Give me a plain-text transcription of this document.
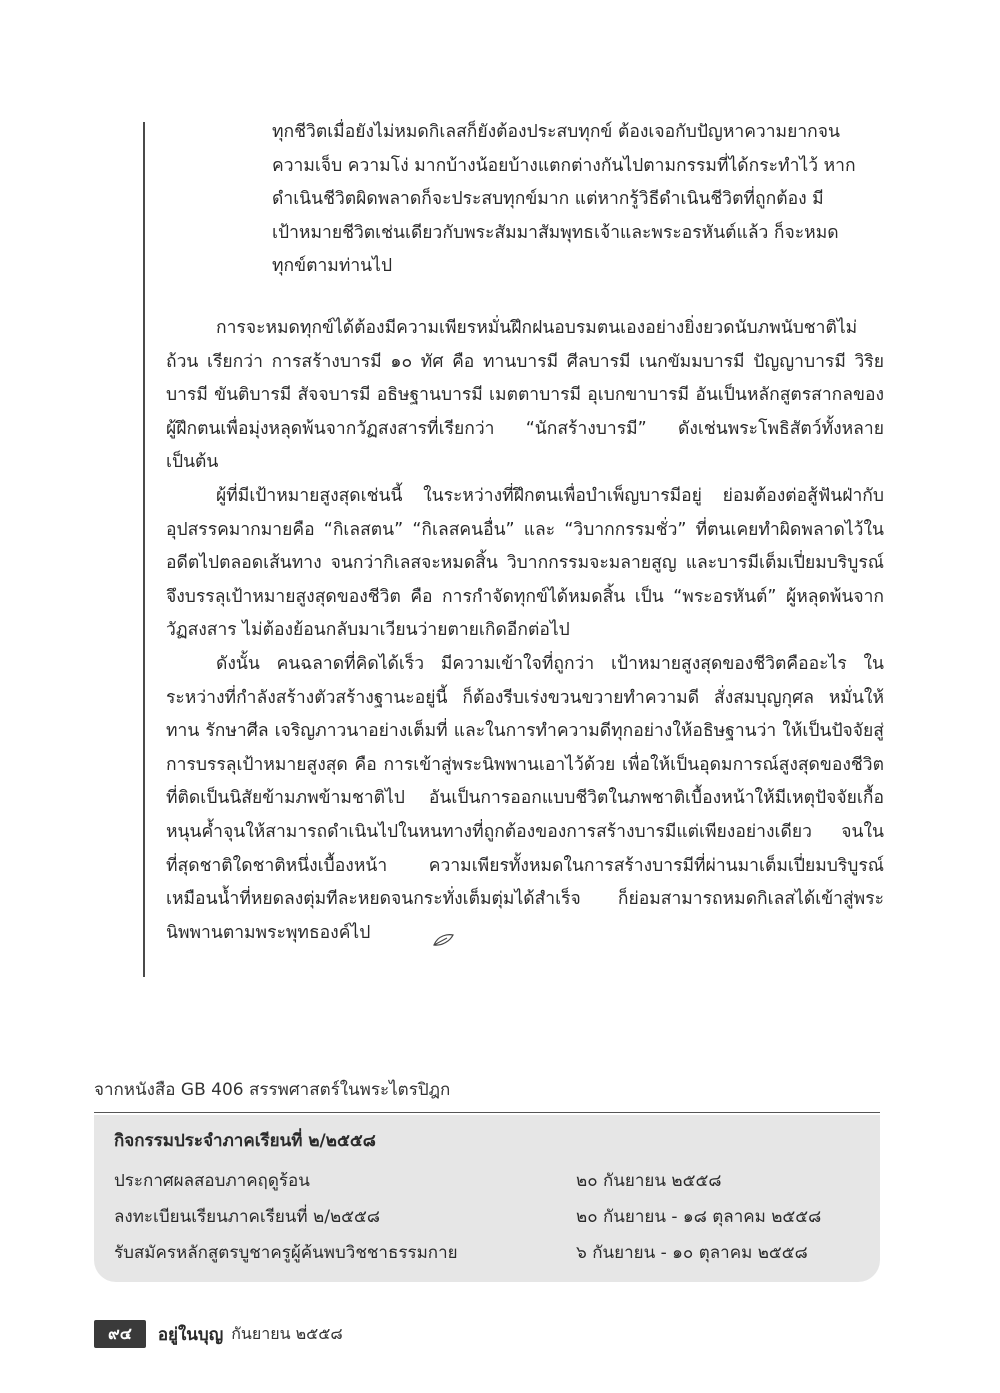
ทุกชีวิตเมื่อยังไม่หมดกิเลสก็ยังต้องประสบทุกข์ ต้องเจอกับปัญหาความยากจน

ความเจ็บ ความโง่ มากบ้างน้อยบ้างแตกต่างกันไปตามกรรมที่ได้กระทำไว้ หาก

ดำเนินชีวิตผิดพลาดก็จะประสบทุกข์มาก แต่หากรู้วิธีดำเนินชีวิตที่ถูกต้อง มี

เป้าหมายชีวิตเช่นเดียวกับพระสัมมาสัมพุทธเจ้าและพระอรหันต์แล้ว ก็จะหมด

ทุกข์ตามท่านไป

การจะหมดทุกข์ได้ต้องมีความเพียรหมั่นฝึกฝนอบรมตนเองอย่างยิ่งยวดนับภพนับชาติไม่ถ้วน เรียกว่า การสร้างบารมี ๑๐ ทัศ คือ ทานบารมี ศีลบารมี เนกขัมมบารมี ปัญญาบารมี วิริยบารมี ขันติบารมี สัจจบารมี อธิษฐานบารมี เมตตาบารมี อุเบกขาบารมี อันเป็นหลักสูตรสากลของผู้ฝึกตนเพื่อมุ่งหลุดพ้นจากวัฏสงสารที่เรียกว่า “นักสร้างบารมี” ดังเช่นพระโพธิสัตว์ทั้งหลาย เป็นต้น

ผู้ที่มีเป้าหมายสูงสุดเช่นนี้ ในระหว่างที่ฝึกตนเพื่อบำเพ็ญบารมีอยู่ ย่อมต้องต่อสู้ฟันฝ่ากับอุปสรรคมากมายคือ “กิเลสตน” “กิเลสคนอื่น” และ “วิบากกรรมชั่ว” ที่ตนเคยทำผิดพลาดไว้ในอดีตไปตลอดเส้นทาง จนกว่ากิเลสจะหมดสิ้น วิบากกรรมจะมลายสูญ และบารมีเต็มเปี่ยมบริบูรณ์ จึงบรรลุเป้าหมายสูงสุดของชีวิต คือ การกำจัดทุกข์ได้หมดสิ้น เป็น “พระอรหันต์” ผู้หลุดพ้นจากวัฏสงสาร ไม่ต้องย้อนกลับมาเวียนว่ายตายเกิดอีกต่อไป

ดังนั้น คนฉลาดที่คิดได้เร็ว มีความเข้าใจที่ถูกว่า เป้าหมายสูงสุดของชีวิตคืออะไร ในระหว่างที่กำลังสร้างตัวสร้างฐานะอยู่นี้ ก็ต้องรีบเร่งขวนขวายทำความดี สั่งสมบุญกุศล หมั่นให้ทาน รักษาศีล เจริญภาวนาอย่างเต็มที่ และในการทำความดีทุกอย่างให้อธิษฐานว่า ให้เป็นปัจจัยสู่การบรรลุเป้าหมายสูงสุด คือ การเข้าสู่พระนิพพานเอาไว้ด้วย เพื่อให้เป็นอุดมการณ์สูงสุดของชีวิตที่ติดเป็นนิสัยข้ามภพข้ามชาติไป อันเป็นการออกแบบชีวิตในภพชาติเบื้องหน้าให้มีเหตุปัจจัยเกื้อหนุนค้ำจุนให้สามารถดำเนินไปในหนทางที่ถูกต้องของการสร้างบารมีแต่เพียงอย่างเดียว จนในที่สุดชาติใดชาติหนึ่งเบื้องหน้า ความเพียรทั้งหมดในการสร้างบารมีที่ผ่านมาเต็มเปี่ยมบริบูรณ์ เหมือนน้ำที่หยดลงตุ่มทีละหยดจนกระทั่งเต็มตุ่มได้สำเร็จ ก็ย่อมสามารถหมดกิเลสได้เข้าสู่พระนิพพานตามพระพุทธองค์ไป

จากหนังสือ GB 406 สรรพศาสตร์ในพระไตรปิฎก
กิจกรรมประจำภาคเรียนที่ ๒/๒๕๕๘
ประกาศผลสอบภาคฤดูร้อน	๒๐ กันยายน ๒๕๕๘
ลงทะเบียนเรียนภาคเรียนที่ ๒/๒๕๕๘	๒๐ กันยายน - ๑๘ ตุลาคม ๒๕๕๘
รับสมัครหลักสูตรบูชาครูผู้ค้นพบวิชชาธรรมกาย	๖ กันยายน - ๑๐ ตุลาคม ๒๕๕๘
๙๔	อยู่ในบุญ กันยายน ๒๕๕๘
